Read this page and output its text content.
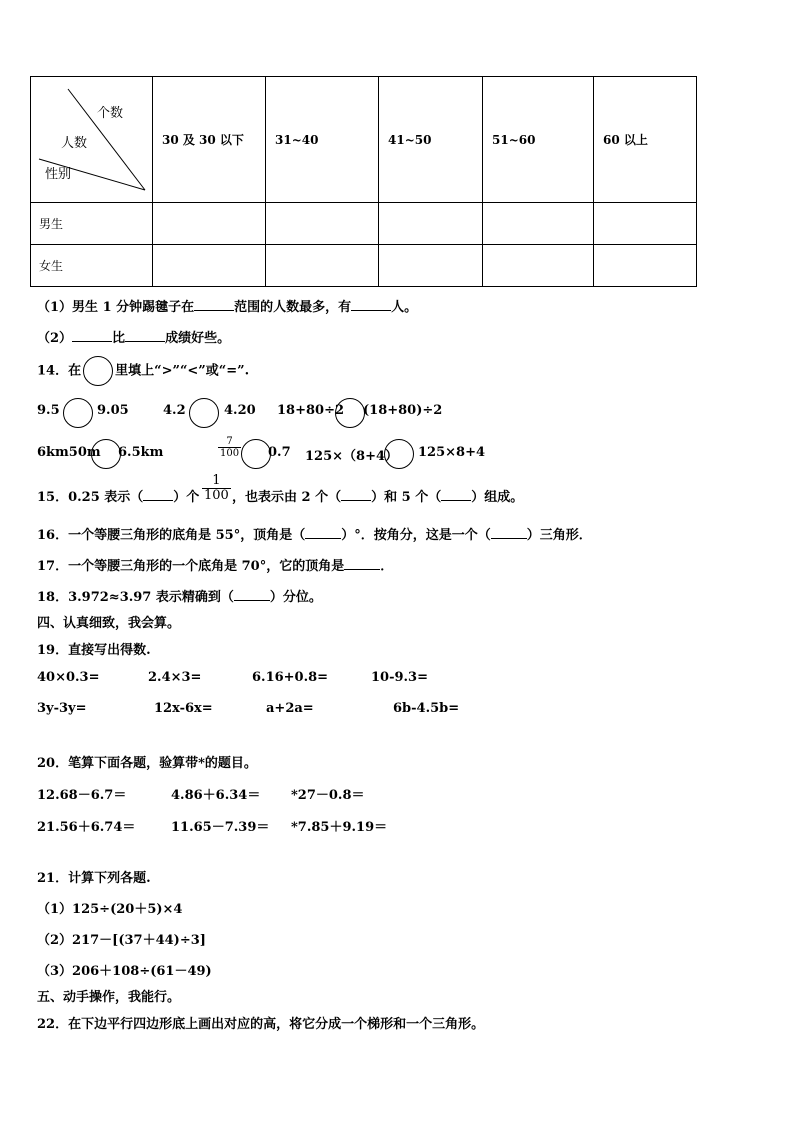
个数
人数
性别	30 及 30 以下	31~40	41~50	51~60	60 以上
男生					
女生					
（1）男生 1 分钟踢毽子在	范围的人数最多，有	人。
（2）	比	成绩好些。
14．在	里填上“>”“<”或“=”.
9.5	9.05	4.2	4.20 18+80÷2 (18+80)÷2
6km50m 6.5km	$\frac{7}{100} 0.7$ 125×（8+4） 125×8+4
15．0.25 表示（ ）个 $\frac{1}{100}$ ，也表示由 2 个（ ）和 5 个（ ）组成。
16．一个等腰三角形的底角是 55°，顶角是（	）°．按角分，这是一个（	）三角形．
17．一个等腰三角形的一个底角是 70°，它的顶角是	．
18．3.972≈3.97 表示精确到（	）分位。
四、认真细致，我会算。
19．直接写出得数.
40×0.3=	2.4×3=	6.16+0.8=	10-9.3=
3y-3y=	12x-6x=	a+2a=	6b-4.5b=
20．笔算下面各题，验算带*的题目。
12.68－6.7＝	4.86＋6.34＝ *27－0.8＝
21.56＋6.74＝	11.65－7.39＝ *7.85＋9.19＝
21．计算下列各题.
（1）125÷(20＋5)×4
（2）217－[(37＋44)÷3]
（3）206＋108÷(61－49)
五、动手操作，我能行。
22．在下边平行四边形底上画出对应的高，将它分成一个梯形和一个三角形。
